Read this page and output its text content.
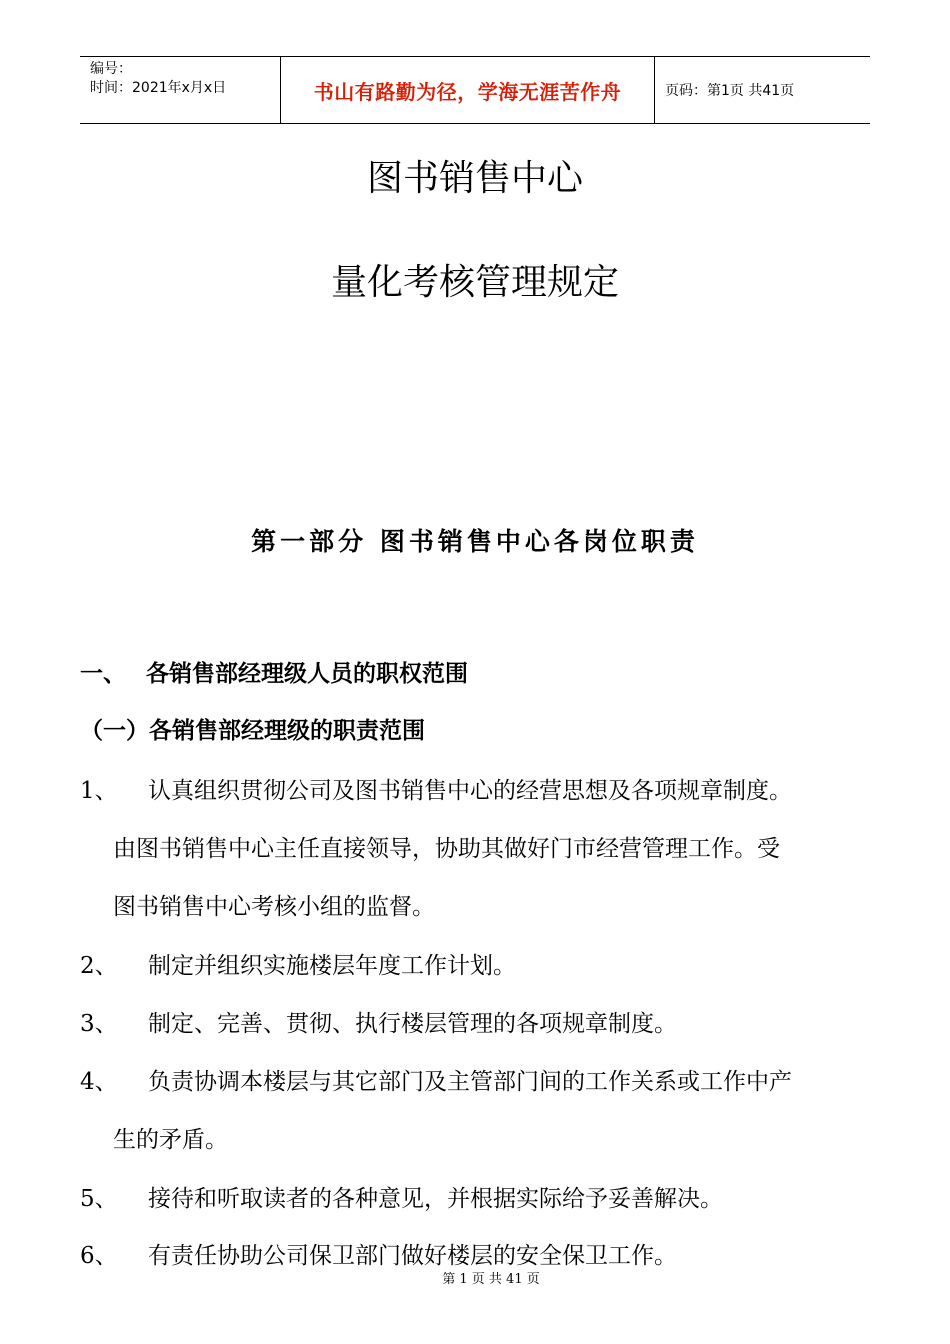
编号：
时间：2021年x月x日	书山有路勤为径，学海无涯苦作舟	页码：第1页 共41页
图书销售中心
量化考核管理规定
第一部分 图书销售中心各岗位职责
一、 各销售部经理级人员的职权范围
（一）各销售部经理级的职责范围
1、 认真组织贯彻公司及图书销售中心的经营思想及各项规章制度。
由图书销售中心主任直接领导，协助其做好门市经营管理工作。受
图书销售中心考核小组的监督。
2、 制定并组织实施楼层年度工作计划。
3、 制定、完善、贯彻、执行楼层管理的各项规章制度。
4、 负责协调本楼层与其它部门及主管部门间的工作关系或工作中产
生的矛盾。
5、 接待和听取读者的各种意见，并根据实际给予妥善解决。
6、 有责任协助公司保卫部门做好楼层的安全保卫工作。
第 1 页 共 41 页
